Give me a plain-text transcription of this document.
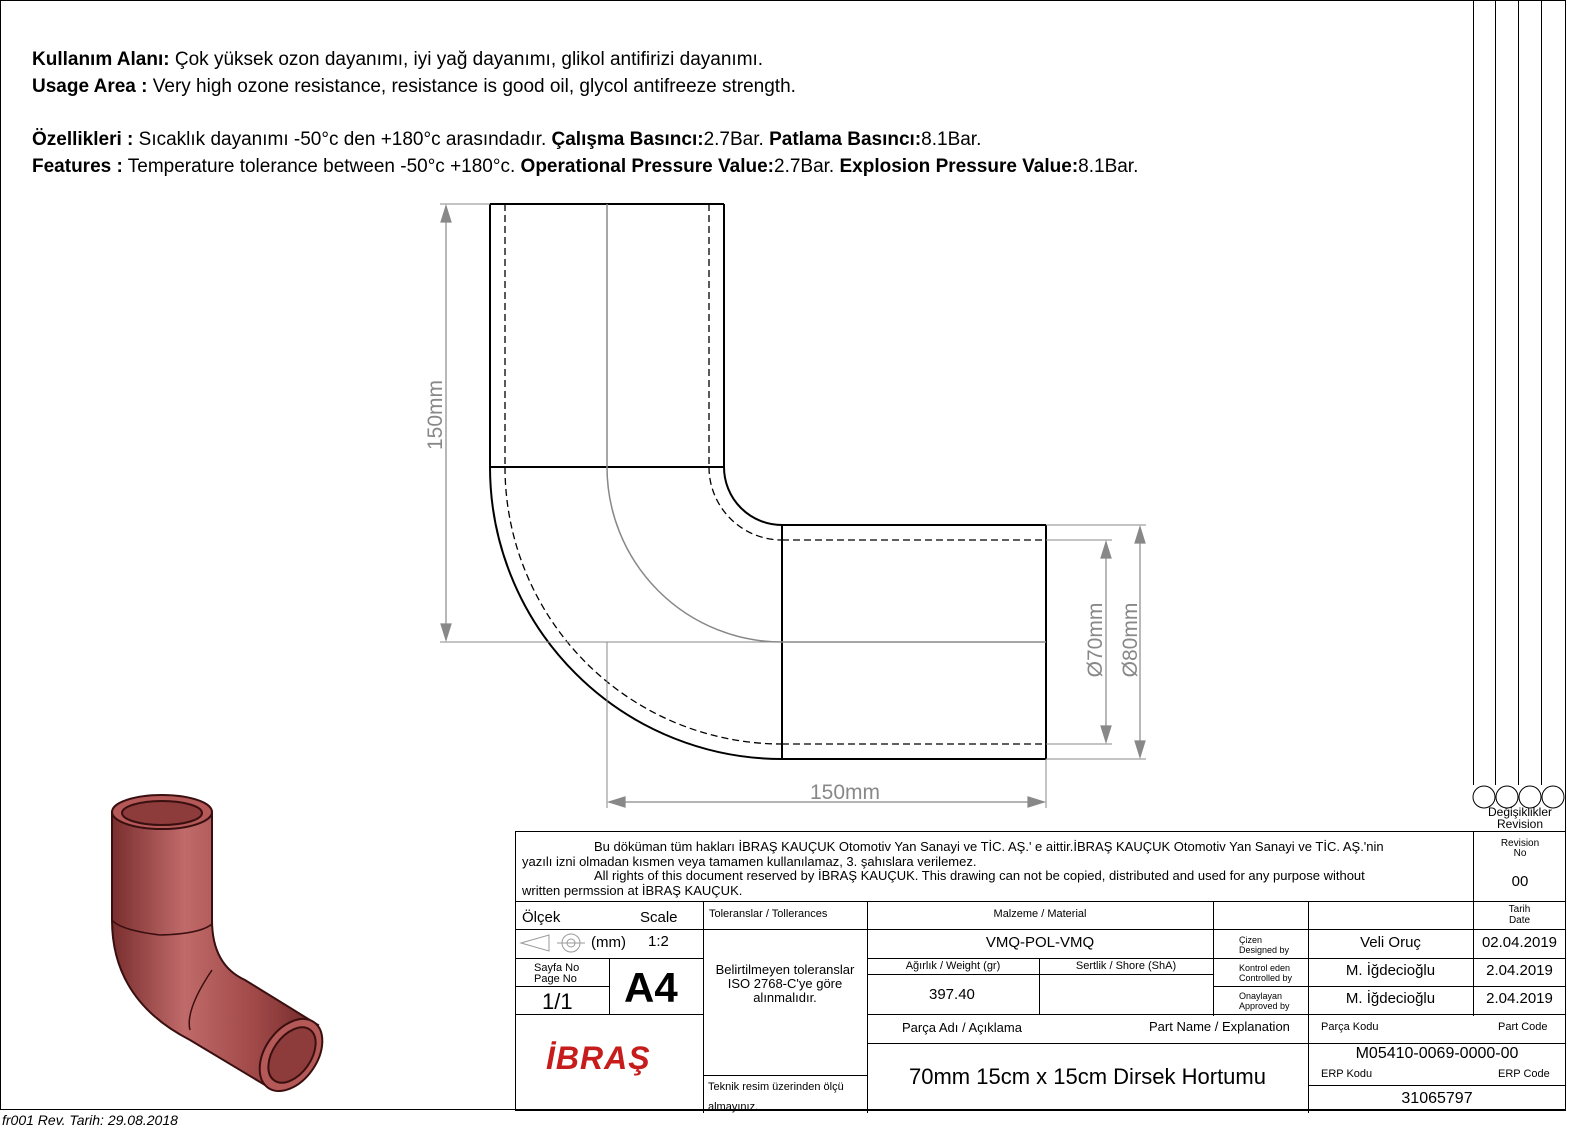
Kullanım Alanı: Çok yüksek ozon dayanımı, iyi yağ dayanımı, glikol antifirizi dayanımı.

Usage Area : Very high ozone resistance, resistance is good oil, glycol antifreeze strength.

Özellikleri : Sıcaklık dayanımı -50°c den +180°c arasındadır. Çalışma Basıncı:2.7Bar. Patlama Basıncı:8.1Bar.

Features : Temperature tolerance between -50°c +180°c. Operational Pressure Value:2.7Bar. Explosion Pressure Value:8.1Bar.

150mm
150mm
Ø70mm Ø80mm
Değişiklikler
Revision
Bu döküman tüm hakları İBRAŞ KAUÇUK Otomotiv Yan Sanayi ve TİC. AŞ.' e aittir.İBRAŞ KAUÇUK Otomotiv Yan Sanayi ve TİC. AŞ.'nin
yazılı izni olmadan kısmen veya tamamen kullanılamaz, 3. şahıslara verilemez.
All rights of this document reserved by İBRAŞ KAUÇUK. This drawing can not be copied, distributed and used for any purpose without
written permssion at İBRAŞ KAUÇUK.
Revision
No
00
Ölçek	Scale
(mm) 1:2
Sayfa No
Page No
1/1 A4
İBRAŞ
Toleranslar / Tollerances
Belirtilmeyen toleranslar ISO 2768-C'ye göre alınmalıdır.
Teknik resim üzerinden ölçü almayınız.
Malzeme / Material
VMQ-POL-VMQ
Ağırlık / Weight (gr)	Sertlik / Shore (ShA)
397.40
Çizen
Designed by	Veli Oruç	02.04.2019
Kontrol eden
Controlled by	M. İğdecioğlu	2.04.2019
Onaylayan
Approved by	M. İğdecioğlu	2.04.2019
Tarih
Date
Parça Adı / Açıklama	Part Name / Explanation
70mm 15cm x 15cm Dirsek Hortumu
Parça Kodu	Part Code
M05410-0069-0000-00
ERP Kodu	ERP Code
31065797
fr001 Rev. Tarih: 29.08.2018
